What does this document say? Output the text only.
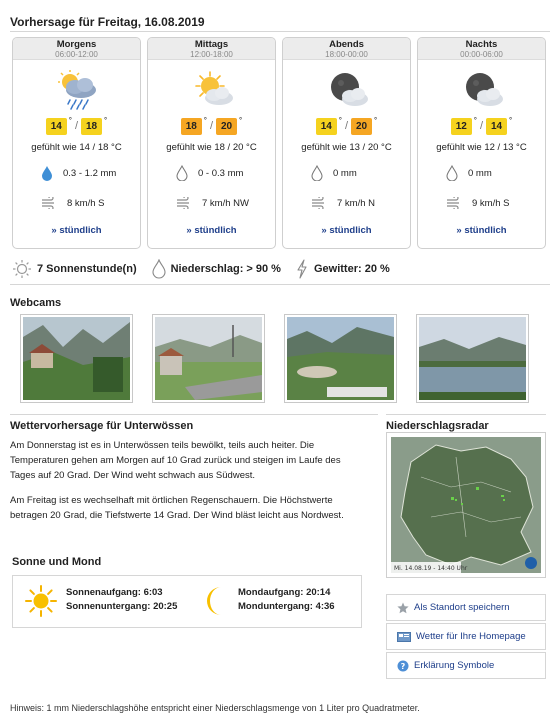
Vorhersage für Freitag, 16.08.2019
Morgens
06:00-12:00
14
° / 18
°
gefühlt wie 14 / 18 °C
0.3 - 1.2 mm
8 km/h S
» stündlich
Mittags
12:00-18:00
18
° / 20
°
gefühlt wie 18 / 20 °C
0 - 0.3 mm
7 km/h NW
» stündlich
Abends
18:00-00:00
14
° / 20
°
gefühlt wie 13 / 20 °C
0 mm
7 km/h N
» stündlich
Nachts
00:00-06:00
12
° / 14
°
gefühlt wie 12 / 13 °C
0 mm
9 km/h S
» stündlich
7 Sonnenstunde(n)	Niederschlag: > 90 %	Gewitter: 20 %
Webcams
Wettervorhersage für Unterwössen
Am Donnerstag ist es in Unterwössen teils bewölkt, teils auch heiter. Die Temperaturen gehen am Morgen auf 10 Grad zurück und steigen im Laufe des Tages auf 20 Grad. Der Wind weht schwach aus Südwest.
Am Freitag ist es wechselhaft mit örtlichen Regenschauern. Die Höchstwerte betragen 20 Grad, die Tiefstwerte 14 Grad. Der Wind bläst leicht aus Nordwest.
Sonne und Mond
Sonnenaufgang: 6:03
Sonnenuntergang: 20:25
Mondaufgang: 20:14
Monduntergang: 4:36
Niederschlagsradar
Mi. 14.08.19 - 14:40 Uhr
Als Standort speichern
Wetter für Ihre Homepage
? Erklärung Symbole
Hinweis: 1 mm Niederschlagshöhe entspricht einer Niederschlagsmenge von 1 Liter pro Quadratmeter.
